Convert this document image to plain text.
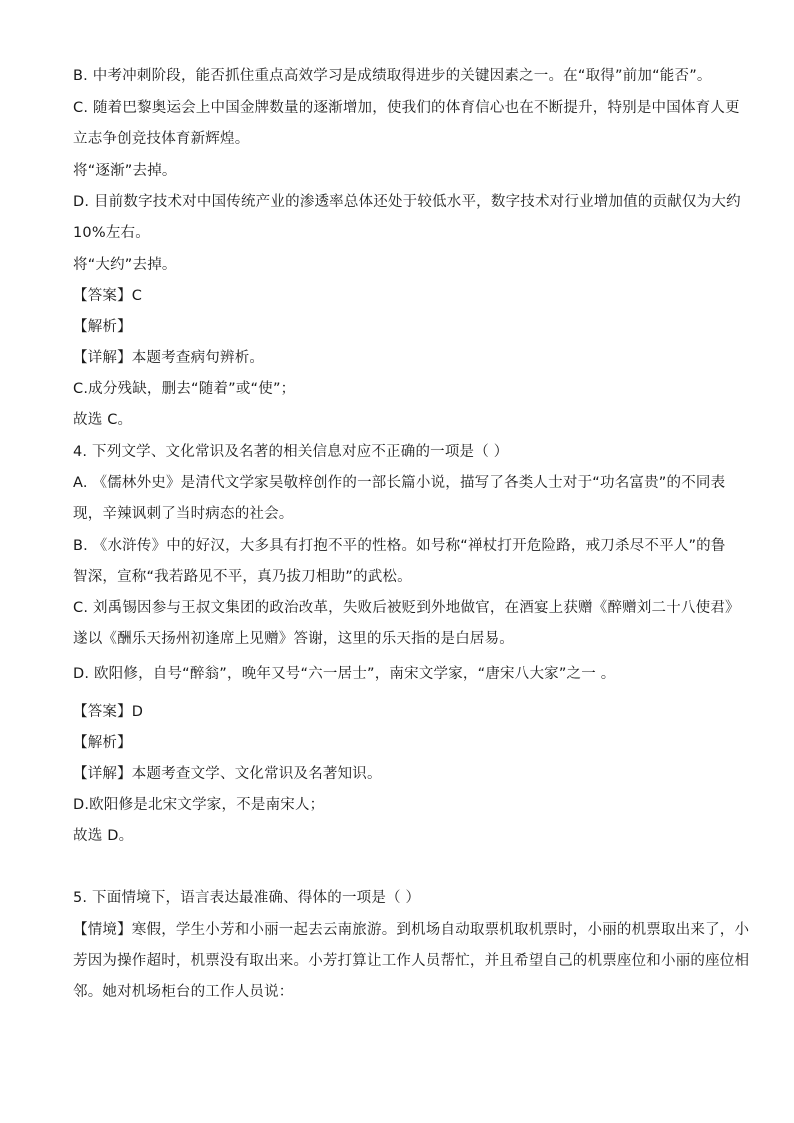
B. 中考冲刺阶段，能否抓住重点高效学习是成绩取得进步的关键因素之一。在“取得”前加“能否”。
C. 随着巴黎奥运会上中国金牌数量的逐渐增加，使我们的体育信心也在不断提升，特别是中国体育人更
立志争创竞技体育新辉煌。
将“逐渐”去掉。
D. 目前数字技术对中国传统产业的渗透率总体还处于较低水平，数字技术对行业增加值的贡献仅为大约
10%左右。
将“大约”去掉。
【答案】C
【解析】
【详解】本题考查病句辨析。
C.成分残缺，删去“随着”或“使”；
故选 C。
4. 下列文学、文化常识及名著的相关信息对应不正确的一项是（ ）
A. 《儒林外史》是清代文学家吴敬梓创作的一部长篇小说，描写了各类人士对于“功名富贵”的不同表
现，辛辣讽刺了当时病态的社会。
B. 《水浒传》中的好汉，大多具有打抱不平的性格。如号称“禅杖打开危险路，戒刀杀尽不平人”的鲁
智深，宣称“我若路见不平，真乃拔刀相助”的武松。
C. 刘禹锡因参与王叔文集团的政治改革，失败后被贬到外地做官，在酒宴上获赠《醉赠刘二十八使君》
遂以《酬乐天扬州初逢席上见赠》答谢，这里的乐天指的是白居易。
D. 欧阳修，自号“醉翁”，晚年又号“六一居士”，南宋文学家，“唐宋八大家”之一 。
【答案】D
【解析】
【详解】本题考查文学、文化常识及名著知识。
D.欧阳修是北宋文学家，不是南宋人；
故选 D。
5. 下面情境下，语言表达最准确、得体的一项是（ ）
【情境】寒假，学生小芳和小丽一起去云南旅游。到机场自动取票机取机票时，小丽的机票取出来了，小
芳因为操作超时，机票没有取出来。小芳打算让工作人员帮忙，并且希望自己的机票座位和小丽的座位相
邻。她对机场柜台的工作人员说：
